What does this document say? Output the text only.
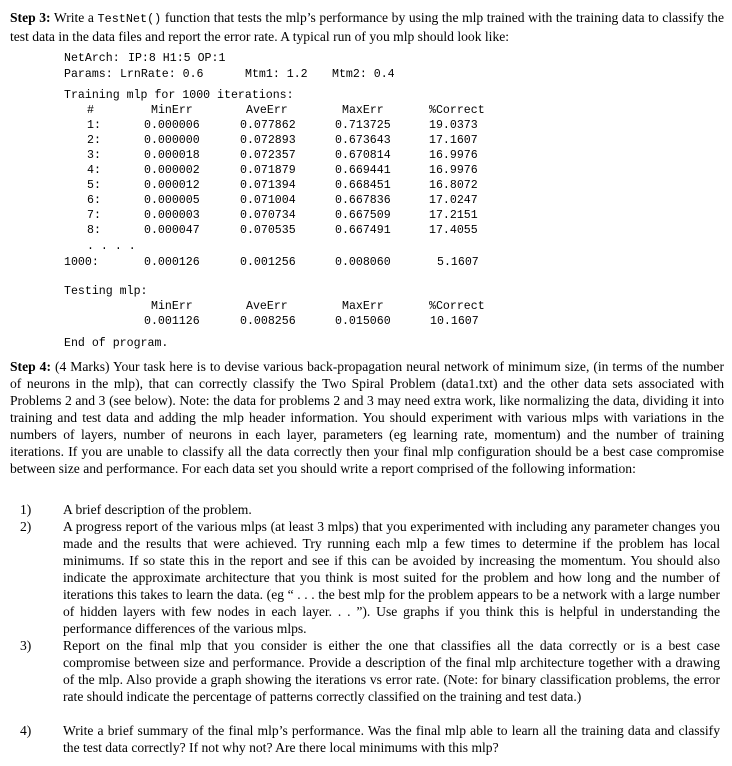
Step 3: Write a TestNet() function that tests the mlp’s performance by using the mlp trained with the training data to classify the test data in the data files and report the error rate. A typical run of you mlp should look like:
NetArch: IP:8 H1:5 OP:1
Params: LrnRate: 0.6	Mtm1: 1.2 Mtm2: 0.4
Training mlp for 1000 iterations:
#	MinErr	AveErr	MaxErr	%Correct
1:	0.000006	0.077862	0.713725	19.0373
2:	0.000000	0.072893	0.673643	17.1607
3:	0.000018	0.072357	0.670814	16.9976
4:	0.000002	0.071879	0.669441	16.9976
5:	0.000012	0.071394	0.668451	16.8072
6:	0.000005	0.071004	0.667836	17.0247
7:	0.000003	0.070734	0.667509	17.2151
8:	0.000047	0.070535	0.667491	17.4055
. . . .
1000:	0.000126	0.001256	0.008060	5.1607
Testing mlp:
MinErr	AveErr	MaxErr	%Correct
0.001126	0.008256	0.015060	10.1607
End of program.
Step 4: (4 Marks) Your task here is to devise various back-propagation neural network of minimum size, (in terms of the number of neurons in the mlp), that can correctly classify the Two Spiral Problem (data1.txt) and the other data sets associated with Problems 2 and 3 (see below). Note: the data for problems 2 and 3 may need extra work, like normalizing the data, dividing it into training and test data and adding the mlp header information. You should experiment with various mlps with variations in the numbers of layers, number of neurons in each layer, parameters (eg learning rate, momentum) and the number of training iterations. If you are unable to classify all the data correctly then your final mlp configuration should be a best case compromise between size and performance. For each data set you should write a report comprised of the following information:
1)	A brief description of the problem.
2)	A progress report of the various mlps (at least 3 mlps) that you experimented with including any parameter changes you made and the results that were achieved. Try running each mlp a few times to determine if the problem has local minimums. If so state this in the report and see if this can be avoided by increasing the momentum. You should also indicate the approximate architecture that you think is most suited for the problem and how long and the number of iterations this takes to learn the data. (eg “ . . . the best mlp for the problem appears to be a network with a large number of hidden layers with few nodes in each layer. . . ”). Use graphs if you think this is helpful in understanding the performance differences of the various mlps.
3)	Report on the final mlp that you consider is either the one that classifies all the data correctly or is a best case compromise between size and performance. Provide a description of the final mlp architecture together with a drawing of the mlp. Also provide a graph showing the iterations vs error rate. (Note: for binary classification problems, the error rate should indicate the percentage of patterns correctly classified on the training and test data.)
4)	Write a brief summary of the final mlp’s performance. Was the final mlp able to learn all the training data and classify the test data correctly? If not why not? Are there local minimums with this mlp?
